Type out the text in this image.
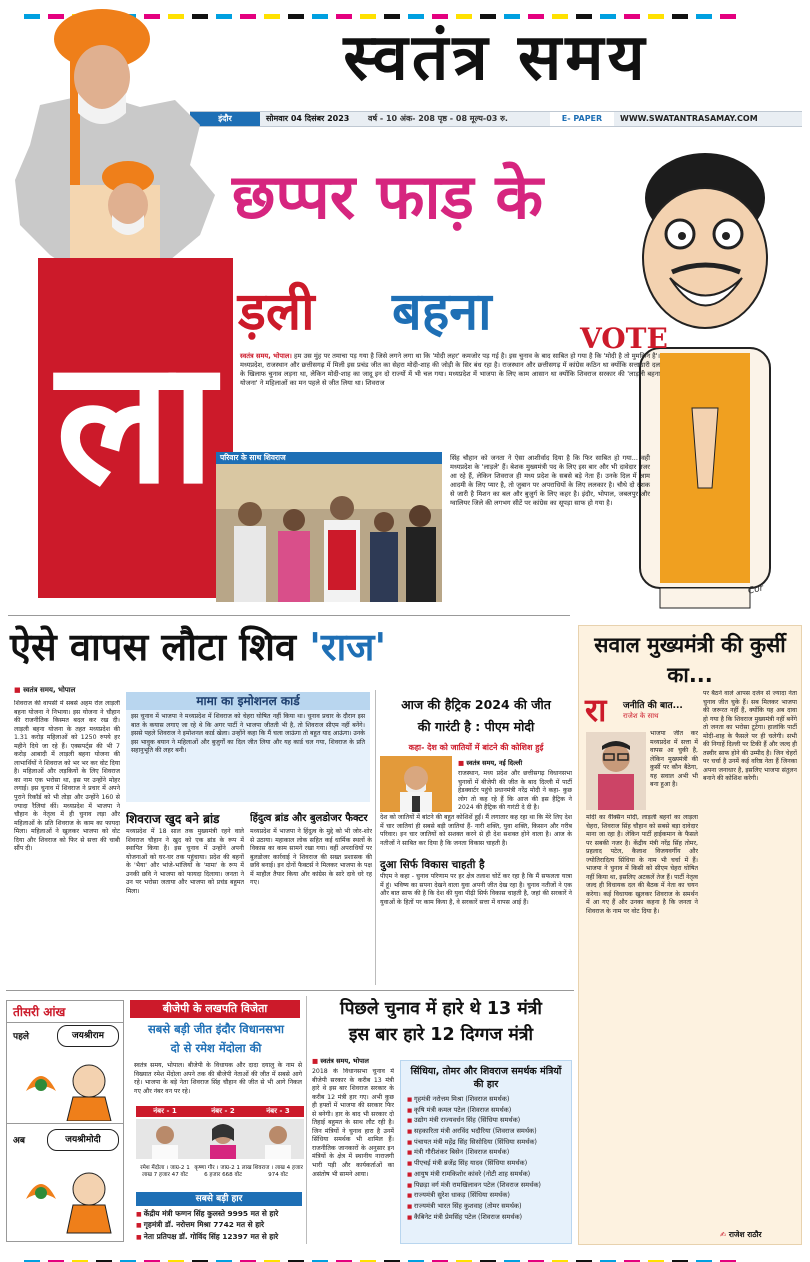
स्वतंत्र समय
इंदौर	सोमवार 04 दिसंबर 2023 वर्ष - 10 अंक- 208 पृष्ठ - 08 मूल्य-03 रु.	E- PAPER	WWW.SWATANTRASAMAY.COM
Cor
छप्पर फाड़ के
ला
ड़ली बहना	VOTE
स्वतंत्र समय, भोपाल। हम उस मुंह पर तमाचा पड़ गया है जिसे लगने लगा था कि 'मोदी लहर' कमजोर पड़ गई है। इस चुनाव के बाद साबित हो गया है कि 'मोदी है तो मुमकिन है'। मध्यप्रदेश, राजस्थान और छत्तीसगढ़ में मिली इस प्रचंड जीत का सेहरा मोदी-शाह की जोड़ी के सिर बंध रहा है। राजस्थान और छत्तीसगढ़ में कांग्रेस कठिन था क्योंकि सत्ताधारी दल के खिलाफ चुनाव लड़ना था, लेकिन मोदी-शाह का जादू इन दो राज्यों में भी चल गया। मध्यप्रदेश में भाजपा के लिए काम आसान था क्योंकि शिवराज सरकार की 'लाड़ली बहना योजना' ने महिलाओं का मन पहले से जीत लिया था। शिवराज
परिवार के साथ शिवराज	सिंह चौहान को जनता ने ऐसा आशीर्वाद दिया है कि फिर साबित हो गया... वही मध्यप्रदेश के 'लाड़ले' हैं। बेशक मुख्यमंत्री पद के लिए इस बार और भी दावेदार नजर आ रहे हैं, लेकिन शिवराज ही मध्य प्रदेश के सबसे बड़े नेता हैं। उनके दिल में आम आदमी के लिए प्यार है, तो जुबान पर अपराधियों के लिए ललकार है। चौथे दो दशक से जारी है मिशन का बल और बुजुर्ग के लिए कहर है। इंदौर, भोपाल, जबलपुर और ग्वालियर जिले की लगभग सीटें पर कांग्रेस का सूपड़ा साफ हो गया है।
ऐसे वापस लौटा शिव 'राज'
■ स्वतंत्र समय, भोपाल
शिवराज की वापसी में सबसे अहम रोल लाड़ली बहना योजना ने निभाया। इस योजना ने चौहान की राजनीतिक किस्मत बदल कर रख दी। लाड़ली बहना योजना के तहत मध्यप्रदेश की 1.31 करोड़ महिलाओं को 1250 रुपये हर महीने दिये जा रहे हैं। एक्सपर्ट्स की भी 7 करोड़ आबादी में लाड़ली बहना योजना की लाभार्थियों ने शिवराज को भर भर कर वोट दिया है। महिलाओं और लड़कियों के लिए शिवराज का नाम एक भरोसा था, इस पर उन्होंने मोहर लगाई। इस चुनाव में शिवराज ने प्रचार में अपने पुराने रिकॉर्ड को भी तोड़ा और उन्होंने 160 से ज्यादा रैलियां कीं। मध्यप्रदेश में भाजपा ने चौहान के नेतृत्व में ही चुनाव लड़ा और महिलाओं के प्रति शिवराज के काम का फायदा मिला। महिलाओं ने खुलकर भाजपा को वोट दिया और शिवराज को फिर से सत्ता की चाबी सौंप दी।
मामा का इमोशनल कार्ड
इस चुनाव में भाजपा ने मध्यप्रदेश में शिवराज को चेहरा घोषित नहीं किया था। चुनाव प्रचार के दौरान इस बात के कयास लगाए जा रहे थे कि अगर पार्टी ने भाजपा जीतती भी है, तो शिवराज सीएम नहीं बनेंगे। इससे पहले शिवराज ने इमोशनल कार्ड खेला। उन्होंने कहा कि मैं चला जाऊंगा तो बहुत याद आऊंगा। उनके इस भावुक बयान ने महिलाओं और बुजुर्गों का दिल जीत लिया और यह कार्ड चल गया, शिवराज के प्रति सहानुभूति की लहर बनी।
शिवराज खुद बने ब्रांड
मध्यप्रदेश में 18 साल तक मुख्यमंत्री रहने वाले शिवराज चौहान ने खुद को एक ब्रांड के रूप में स्थापित किया है। इस चुनाव में उन्होंने अपनी योजनाओं को घर-घर तक पहुंचाया। प्रदेश की बहनों के 'भैया' और भांजे-भांजियों के 'मामा' के रूप में उनकी छवि ने भाजपा को फायदा दिलाया। जनता ने उन पर भरोसा जताया और भाजपा को प्रचंड बहुमत मिला।
हिंदुत्व ब्रांड और बुलडोजर फैक्टर
मध्यप्रदेश में भाजपा ने हिंदुत्व के मुद्दे को भी जोर-शोर से उठाया। महाकाल लोक सहित कई धार्मिक स्थलों के विकास का काम सामने रखा गया। वहीं अपराधियों पर बुलडोजर कार्रवाई ने शिवराज की सख्त प्रशासक की छवि बनाई। इन दोनों फैक्टर्स ने मिलकर भाजपा के पक्ष में माहौल तैयार किया और कांग्रेस के सारे दावे धरे रह गए।
आज की हैट्रिक 2024 की जीत
की गारंटी है : पीएम मोदी
कहा- देश को जातियों में बांटने की कोशिश हुई
■ स्वतंत्र समय, नई दिल्ली
राजस्थान, मध्य प्रदेश और छत्तीसगढ़ विधानसभा चुनावों में बीजेपी की जीत के बाद दिल्ली में पार्टी हेडक्वार्टर पहुंचे प्रधानमंत्री नरेंद्र मोदी ने कहा- कुछ लोग तो कह रहे हैं कि आज की इस हैट्रिक ने 2024 की हैट्रिक की गारंटी दे दी है।
देश को जातियों में बांटने की बहुत कोशिशें हुईं। मैं लगातार कह रहा था कि मेरे लिए देश में चार जातियां ही सबसे बड़ी जातियां हैं- नारी शक्ति, युवा शक्ति, किसान और गरीब परिवार। इन चार जातियों को सशक्त करने से ही देश सशक्त होने वाला है। आज के नतीजों ने साबित कर दिया है कि जनता विकास चाहती है।
दुआ सिर्फ विकास चाहती है
पीएम ने कहा - चुनाव परिणाम पर हर क्षेत्र तलाश चोटें कर रहा है कि मैं सफलता यात्रा में हूं। भविष्य का सपना देखने वाला युवा अपनी जीत देख रहा है। चुनाव नतीजों ने एक और बात साफ की है कि देश की युवा पीढ़ी सिर्फ विकास चाहती है, जहां की सरकारें ने युवाओं के हितों पर काम किया है, वे सरकारें सत्ता में वापस आई हैं।
सवाल मुख्यमंत्री की कुर्सी का...
रा जनीति की बात...
राजेश के साथ
भाजपा जीत कर मध्यप्रदेश में सत्ता में वापस आ चुकी है, लेकिन मुख्यमंत्री की कुर्सी पर कौन बैठेगा, यह सवाल अभी भी बना हुआ है।
मोदी का वैक्सिन मोदी, लाड़ली बहनों का लाड़ला चेहरा, शिवराज सिंह चौहान को सबसे बड़ा दावेदार माना जा रहा है। लेकिन पार्टी हाईकमान के फैसले पर सबकी नजर है। केंद्रीय मंत्री नरेंद्र सिंह तोमर, प्रहलाद पटेल, कैलाश विजयवर्गीय और ज्योतिरादित्य सिंधिया के नाम भी चर्चा में हैं। भाजपा ने चुनाव में किसी को सीएम चेहरा घोषित नहीं किया था, इसलिए अटकलें तेज हैं। पार्टी नेतृत्व जल्द ही विधायक दल की बैठक में नेता का चयन करेगा। कई विधायक खुलकर शिवराज के समर्थन में आ गए हैं और उनका कहना है कि जनता ने शिवराज के नाम पर वोट दिया है।
पर बैठने वाले आपस दर्जन से ज्यादा नेता चुनाव जीत चुके हैं। सब मिलकर भाजपा की जरूरत नहीं हैं, क्योंकि यह अब दावा हो गया है कि शिवराज मुख्यमंत्री नहीं बनेंगे तो जनता का भरोसा टूटेगा। हालांकि पार्टी मोदी-शाह के फैसले पर ही चलेगी। सभी की निगाहें दिल्ली पर टिकी हैं और जल्द ही तस्वीर साफ होने की उम्मीद है। जिन चेहरों पर चर्चा है उनमें कई वरिष्ठ नेता हैं जिनका अपना जनाधार है, इसलिए भाजपा संतुलन बनाने की कोशिश करेगी।
✍ राजेश राठौर
तीसरी आंख
पहले	जयश्रीराम
अब	जयश्रीमोदी
बीजेपी के लखपति विजेता
सबसे बड़ी जीत इंदौर विधानसभा
दो से रमेश मेंदोला की
स्वतंत्र समय, भोपाल। बीजेपी के विधायक और दादा दयालु के नाम से विख्यात रमेश मेंदोला अपने तक की बीजेपी नेताओं की जीत में सबसे आगे रहे। भाजपा के बड़े नेता शिवराज सिंह चौहान की जीत से भी आगे निकल गए और नंबर वन पर रहे।
नंबर - 1
रमेश मेंदोला । जाग्र-2 1 लाख 7 हजार 47 वोट
नंबर - 2
कृष्णा गौर । जाग्र-2 1 लाख 6 हजार 668 वोट
नंबर - 3
शिवराज । लाख 4 हजार 974 वोट
सबसे बड़ी हार
■ केंद्रीय मंत्री फग्गन सिंह कुलस्ते 9995 मत से हारे
■ गृहमंत्री डॉ. नरोत्तम मिश्रा 7742 मत से हारे
■ नेता प्रतिपक्ष डॉ. गोविंद सिंह 12397 मत से हारे
पिछले चुनाव में हारे थे 13 मंत्री
इस बार हारे 12 दिग्गज मंत्री
■ स्वतंत्र समय, भोपाल
2018 के विधानसभा चुनाव में बीजेपी सरकार के करीब 13 मंत्री हारे थे इस बार शिवराज सरकार के करीब 12 मंत्री हार गए। अभी कुछ ही हफ्तों में भाजपा की सरकार फिर से बनेगी। हार के बाद भी सरकार दो तिहाई बहुमत के साथ लौट रही है। जिन मंत्रियों ने चुनाव हारा है उनमें सिंधिया समर्थक भी शामिल हैं। राजनीतिक जानकारों के अनुसार इन मंत्रियों के क्षेत्र में स्थानीय नाराजगी भारी पड़ी और कार्यकर्ताओं का असंतोष भी सामने आया।
सिंधिया, तोमर और शिवराज समर्थक मंत्रियों की हार
■ गृहमंत्री नरोत्तम मिश्रा (शिवराज समर्थक)
■ कृषि मंत्री कमल पटेल (शिवराज समर्थक)
■ उद्योग मंत्री राज्यवर्धन सिंह (सिंधिया समर्थक)
■ सहकारिता मंत्री अरविंद भदौरिया (शिवराज समर्थक)
■ पंचायत मंत्री महेंद्र सिंह सिसोदिया (सिंधिया समर्थक)
■ मंत्री गौरीशंकर बिसेन (शिवराज समर्थक)
■ पीएचई मंत्री ब्रजेंद्र सिंह यादव (सिंधिया समर्थक)
■ आयुष मंत्री रामकिशोर कांवरे (नोटी शाह समर्थक)
■ पिछड़ा वर्ग मंत्री रामखिलावन पटेल (शिवराज समर्थक)
■ राज्यमंत्री सुरेश धाकड़ (सिंधिया समर्थक)
■ राज्यमंत्री भारत सिंह कुशवाह (तोमर समर्थक)
■ कैबिनेट मंत्री प्रेमसिंह पटेल (शिवराज समर्थक)
